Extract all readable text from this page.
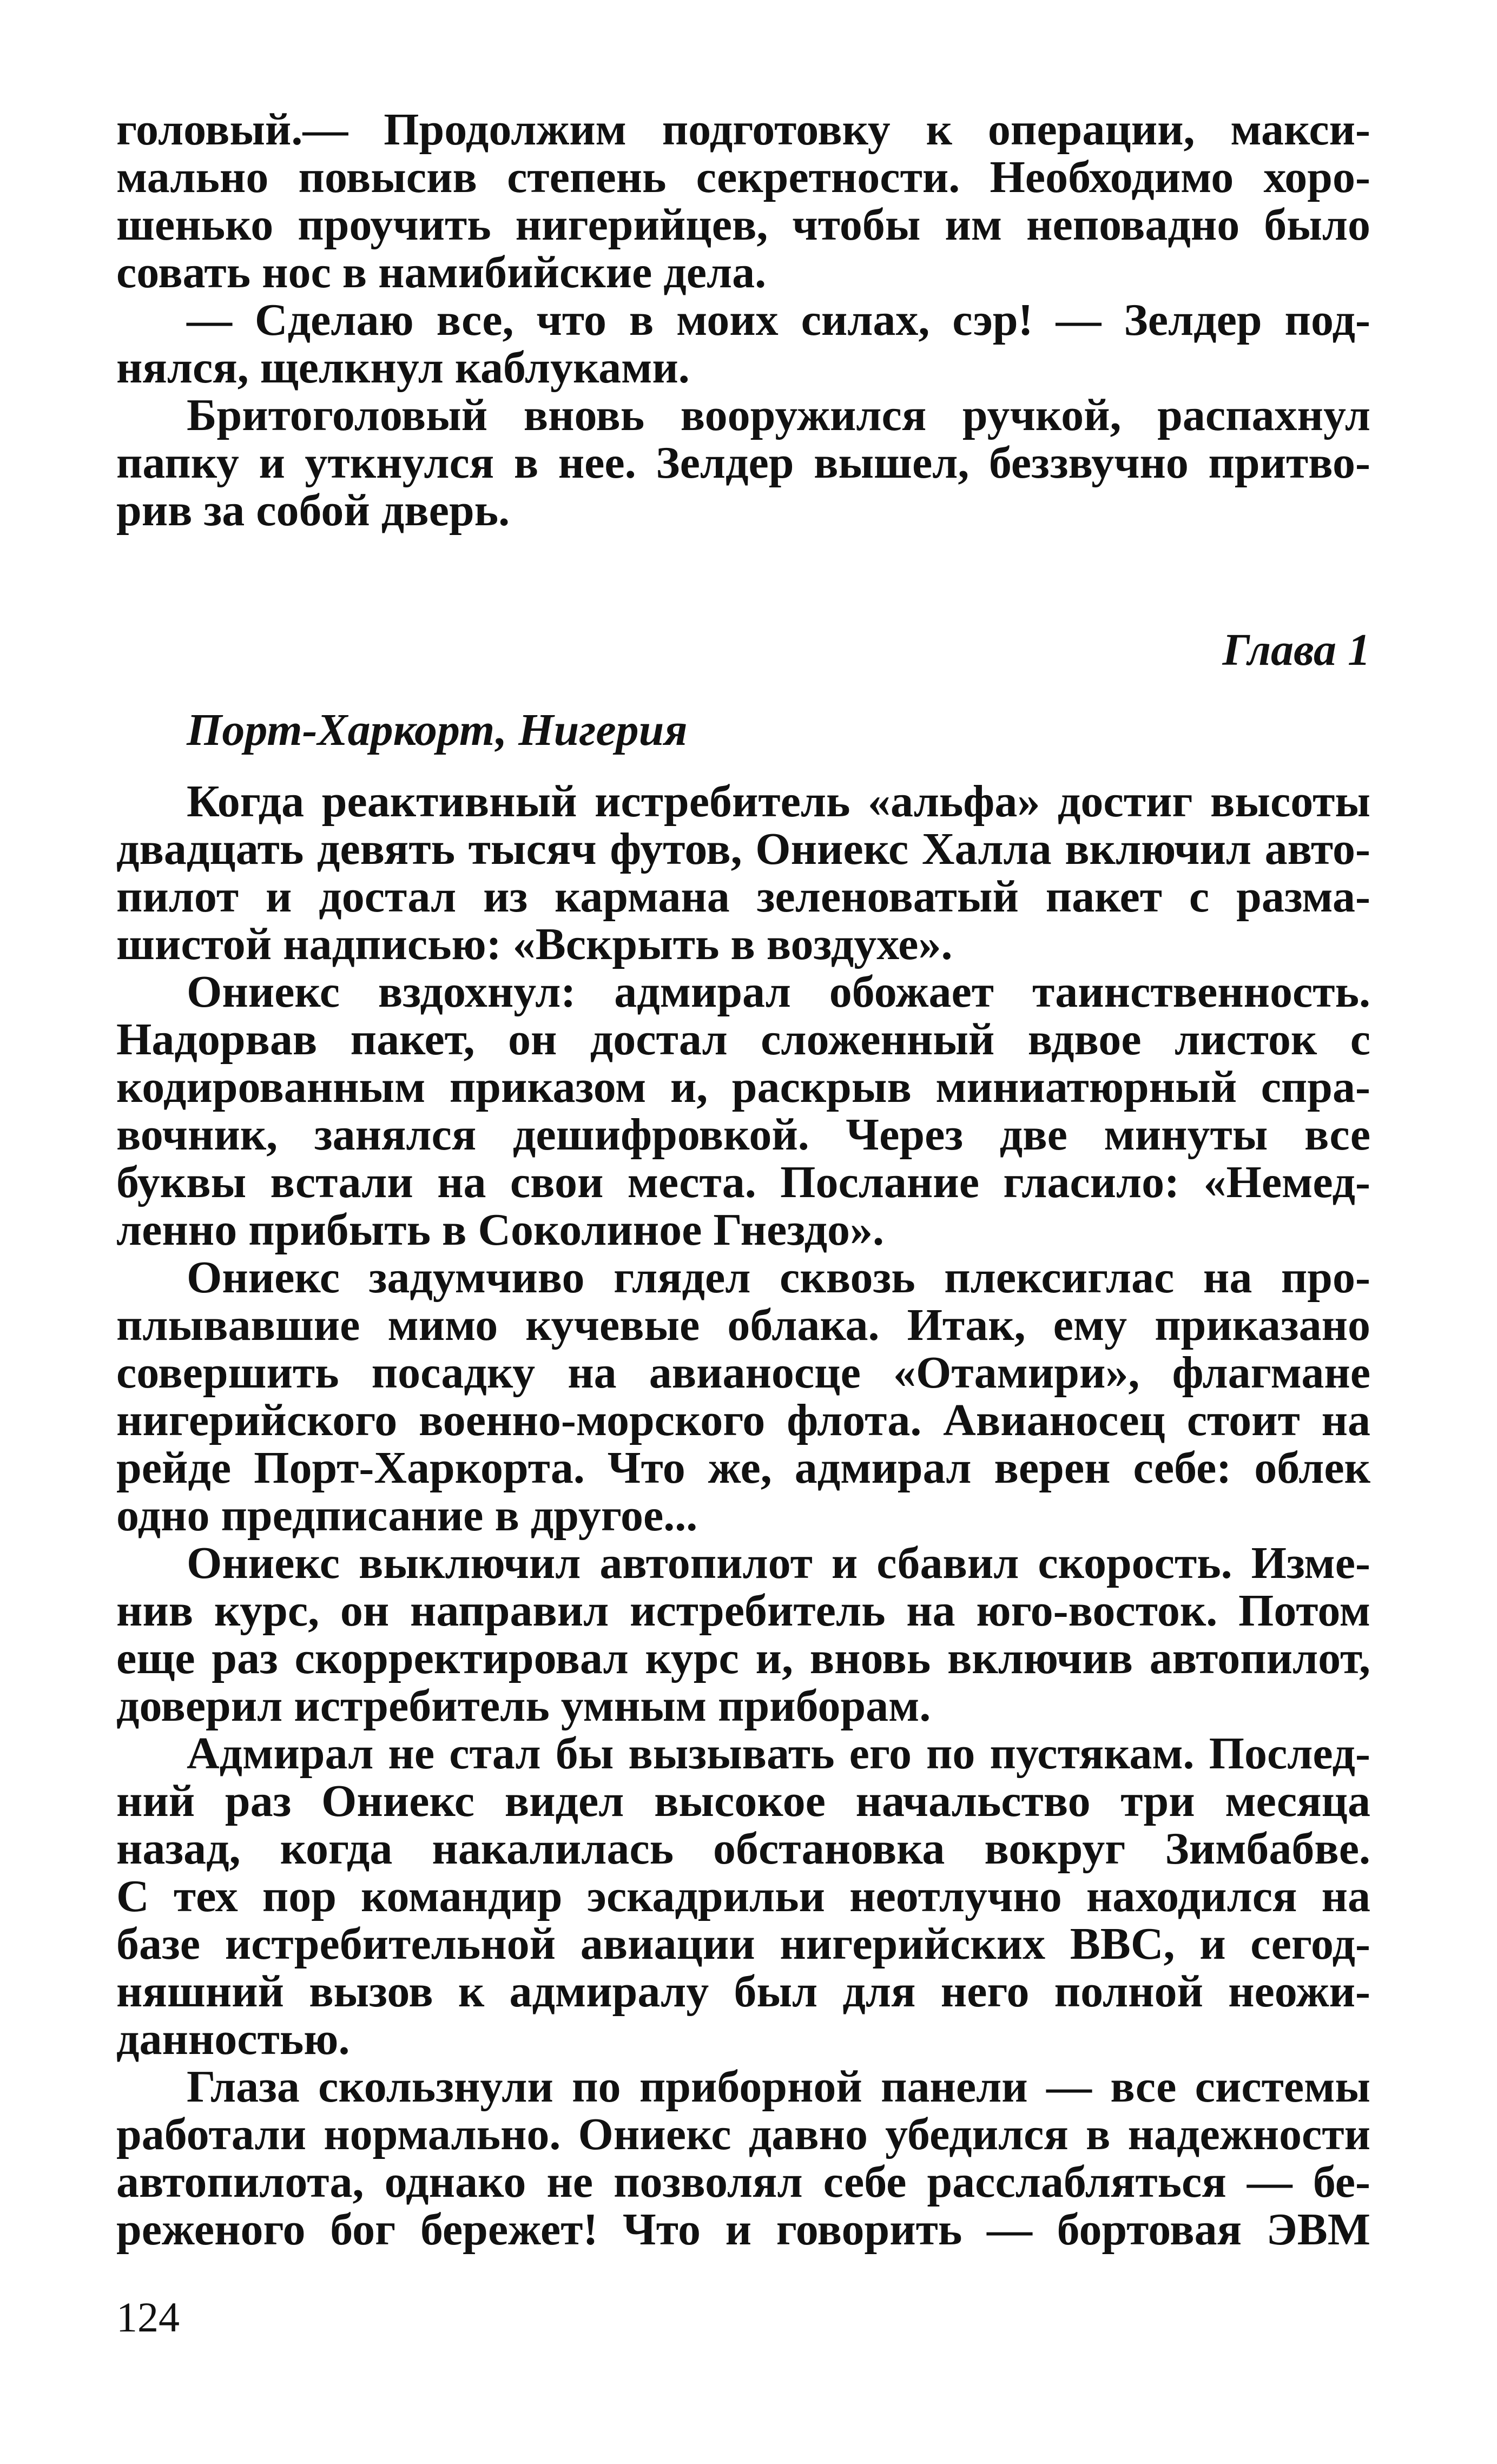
головый.— Продолжим подготовку к операции, макси-
мально повысив степень секретности. Необходимо хоро-
шенько проучить нигерийцев, чтобы им неповадно было
совать нос в намибийские дела.
— Сделаю все, что в моих силах, сэр! — Зелдер под-
нялся, щелкнул каблуками.
Бритоголовый вновь вооружился ручкой, распахнул
папку и уткнулся в нее. Зелдер вышел, беззвучно притво-
рив за собой дверь.
Глава 1
Порт-Харкорт, Нигерия
Когда реактивный истребитель «альфа» достиг высоты
двадцать девять тысяч футов, Ониекс Халла включил авто-
пилот и достал из кармана зеленоватый пакет с разма-
шистой надписью: «Вскрыть в воздухе».
Ониекс вздохнул: адмирал обожает таинственность.
Надорвав пакет, он достал сложенный вдвое листок с
кодированным приказом и, раскрыв миниатюрный спра-
вочник, занялся дешифровкой. Через две минуты все
буквы встали на свои места. Послание гласило: «Немед-
ленно прибыть в Соколиное Гнездо».
Ониекс задумчиво глядел сквозь плексиглас на про-
плывавшие мимо кучевые облака. Итак, ему приказано
совершить посадку на авианосце «Отамири», флагмане
нигерийского военно-морского флота. Авианосец стоит на
рейде Порт-Харкорта. Что же, адмирал верен себе: облек
одно предписание в другое...
Ониекс выключил автопилот и сбавил скорость. Изме-
нив курс, он направил истребитель на юго-восток. Потом
еще раз скорректировал курс и, вновь включив автопилот,
доверил истребитель умным приборам.
Адмирал не стал бы вызывать его по пустякам. Послед-
ний раз Ониекс видел высокое начальство три месяца
назад, когда накалилась обстановка вокруг Зимбабве.
С тех пор командир эскадрильи неотлучно находился на
базе истребительной авиации нигерийских ВВС, и сегод-
няшний вызов к адмиралу был для него полной неожи-
данностью.
Глаза скользнули по приборной панели — все системы
работали нормально. Ониекс давно убедился в надежности
автопилота, однако не позволял себе расслабляться — бе-
реженого бог бережет! Что и говорить — бортовая ЭВМ
124
